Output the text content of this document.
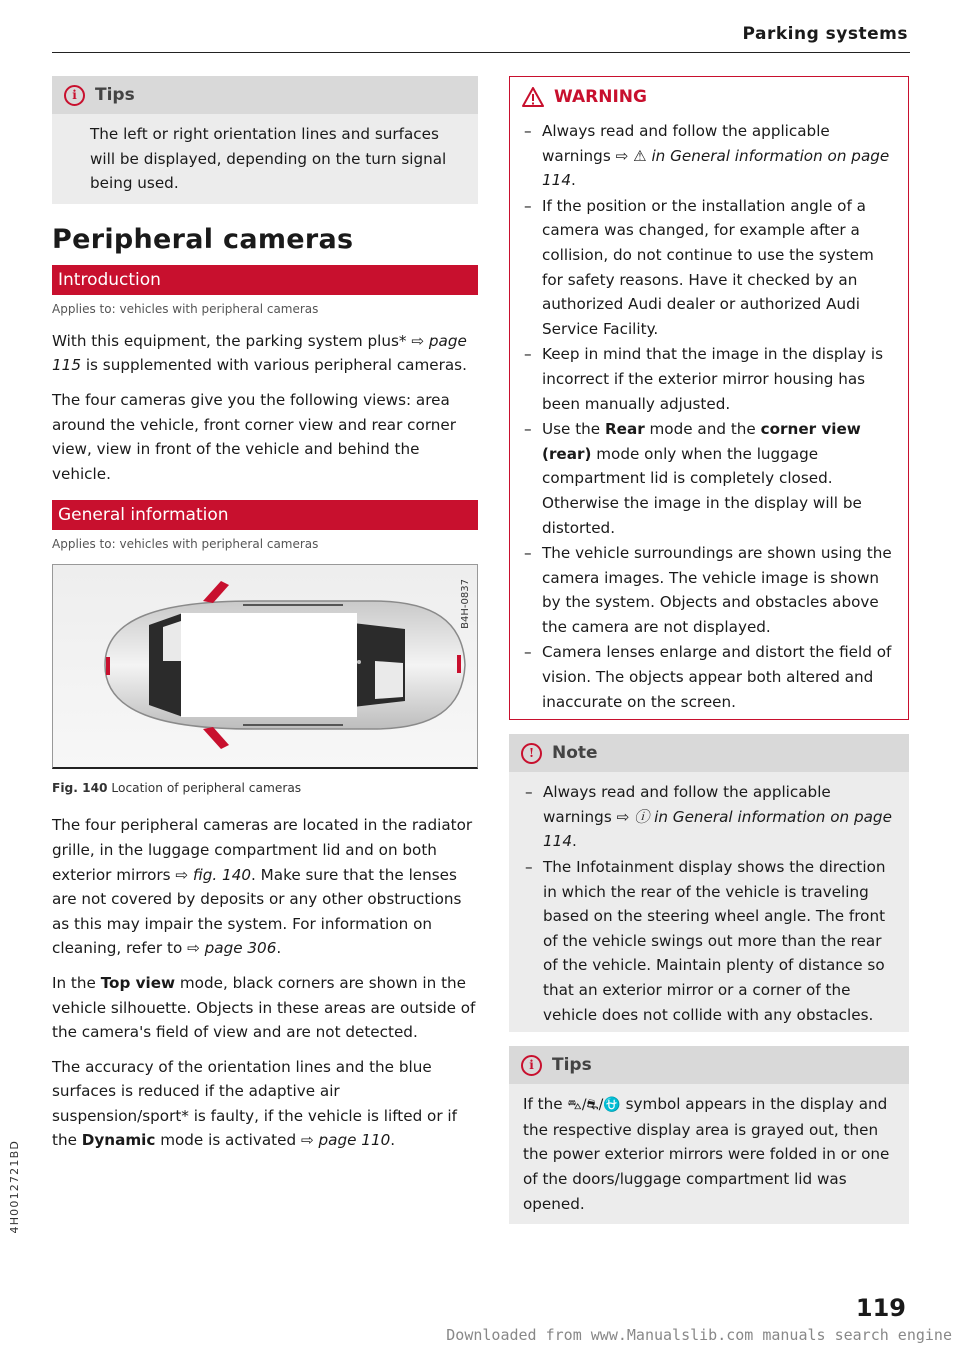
Parking systems
i	Tips

The left or right orientation lines and surfaces will be displayed, depending on the turn signal being used.

Peripheral cameras
Introduction
Applies to: vehicles with peripheral cameras

With this equipment, the parking system plus* ⇨ page 115 is supplemented with various peripheral cameras.

The four cameras give you the following views: area around the vehicle, front corner view and rear corner view, view in front of the vehicle and behind the vehicle.

General information
Applies to: vehicles with peripheral cameras
B4H-0837

Fig. 140 Location of peripheral cameras

The four peripheral cameras are located in the radiator grille, in the luggage compartment lid and on both exterior mirrors ⇨ fig. 140. Make sure that the lenses are not covered by deposits or any other obstructions as this may impair the system. For information on cleaning, refer to ⇨ page 306.

In the Top view mode, black corners are shown in the vehicle silhouette. Objects in these areas are outside of the camera's field of view and are not detected.

The accuracy of the orientation lines and the blue surfaces is reduced if the adaptive air suspension/sport* is faulty, if the vehicle is lifted or if the Dynamic mode is activated ⇨ page 110.

WARNING
– Always read and follow the applicable warnings ⇨ ⚠ in General information on page 114.
– If the position or the installation angle of a camera was changed, for example after a collision, do not continue to use the system for safety reasons. Have it checked by an authorized Audi dealer or authorized Audi Service Facility.
– Keep in mind that the image in the display is incorrect if the exterior mirror housing has been manually adjusted.
– Use the Rear mode and the corner view (rear) mode only when the luggage compartment lid is completely closed. Otherwise the image in the display will be distorted.
– The vehicle surroundings are shown using the camera images. The vehicle image is shown by the system. Objects and obstacles above the camera are not displayed.
– Camera lenses enlarge and distort the field of vision. The objects appear both altered and inaccurate on the screen.
!	Note
– Always read and follow the applicable warnings ⇨ ⓘ in General information on page 114.
– The Infotainment display shows the direction in which the rear of the vehicle is traveling based on the steering wheel angle. The front of the vehicle swings out more than the rear of the vehicle. Maintain plenty of distance so that an exterior mirror or a corner of the vehicle does not collide with any obstacles.
i	Tips

If the ⛍/⛐/⛎ symbol appears in the display and the respective display area is grayed out, then the power exterior mirrors were folded in or one of the doors/luggage compartment lid was opened.

4H0012721BD
119
Downloaded from www.Manualslib.com manuals search engine
